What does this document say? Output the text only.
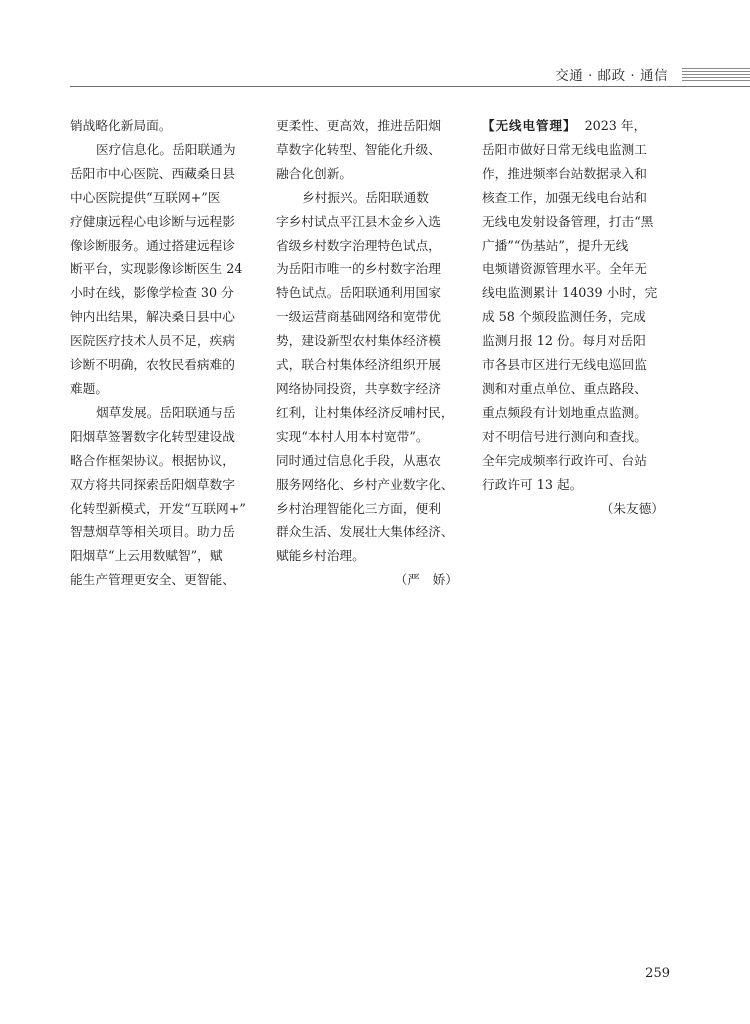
交通 · 邮政 · 通信

销战略化新局面。

医疗信息化。岳阳联通为

岳阳市中心医院、西藏桑日县

中心医院提供“互联网+”医

疗健康远程心电诊断与远程影

像诊断服务。通过搭建远程诊

断平台，实现影像诊断医生 24

小时在线，影像学检查 30 分

钟内出结果，解决桑日县中心

医院医疗技术人员不足，疾病

诊断不明确，农牧民看病难的

难题。

烟草发展。岳阳联通与岳

阳烟草签署数字化转型建设战

略合作框架协议。根据协议，

双方将共同探索岳阳烟草数字

化转型新模式，开发“互联网+”

智慧烟草等相关项目。助力岳

阳烟草“上云用数赋智”，赋

能生产管理更安全、更智能、

更柔性、更高效，推进岳阳烟

草数字化转型、智能化升级、

融合化创新。

乡村振兴。岳阳联通数

字乡村试点平江县木金乡入选

省级乡村数字治理特色试点，

为岳阳市唯一的乡村数字治理

特色试点。岳阳联通利用国家

一级运营商基础网络和宽带优

势，建设新型农村集体经济模

式，联合村集体经济组织开展

网络协同投资，共享数字经济

红利，让村集体经济反哺村民，

实现“本村人用本村宽带”。

同时通过信息化手段，从惠农

服务网络化、乡村产业数字化、

乡村治理智能化三方面，便利

群众生活、发展壮大集体经济、

赋能乡村治理。

（严　娇）

【无线电管理】 2023 年，

岳阳市做好日常无线电监测工

作，推进频率台站数据录入和

核查工作，加强无线电台站和

无线电发射设备管理，打击“黑

广播”“伪基站”，提升无线

电频谱资源管理水平。全年无

线电监测累计 14039 小时，完

成 58 个频段监测任务，完成

监测月报 12 份。每月对岳阳

市各县市区进行无线电巡回监

测和对重点单位、重点路段、

重点频段有计划地重点监测。

对不明信号进行测向和查找。

全年完成频率行政许可、台站

行政许可 13 起。

（朱友德）

259
